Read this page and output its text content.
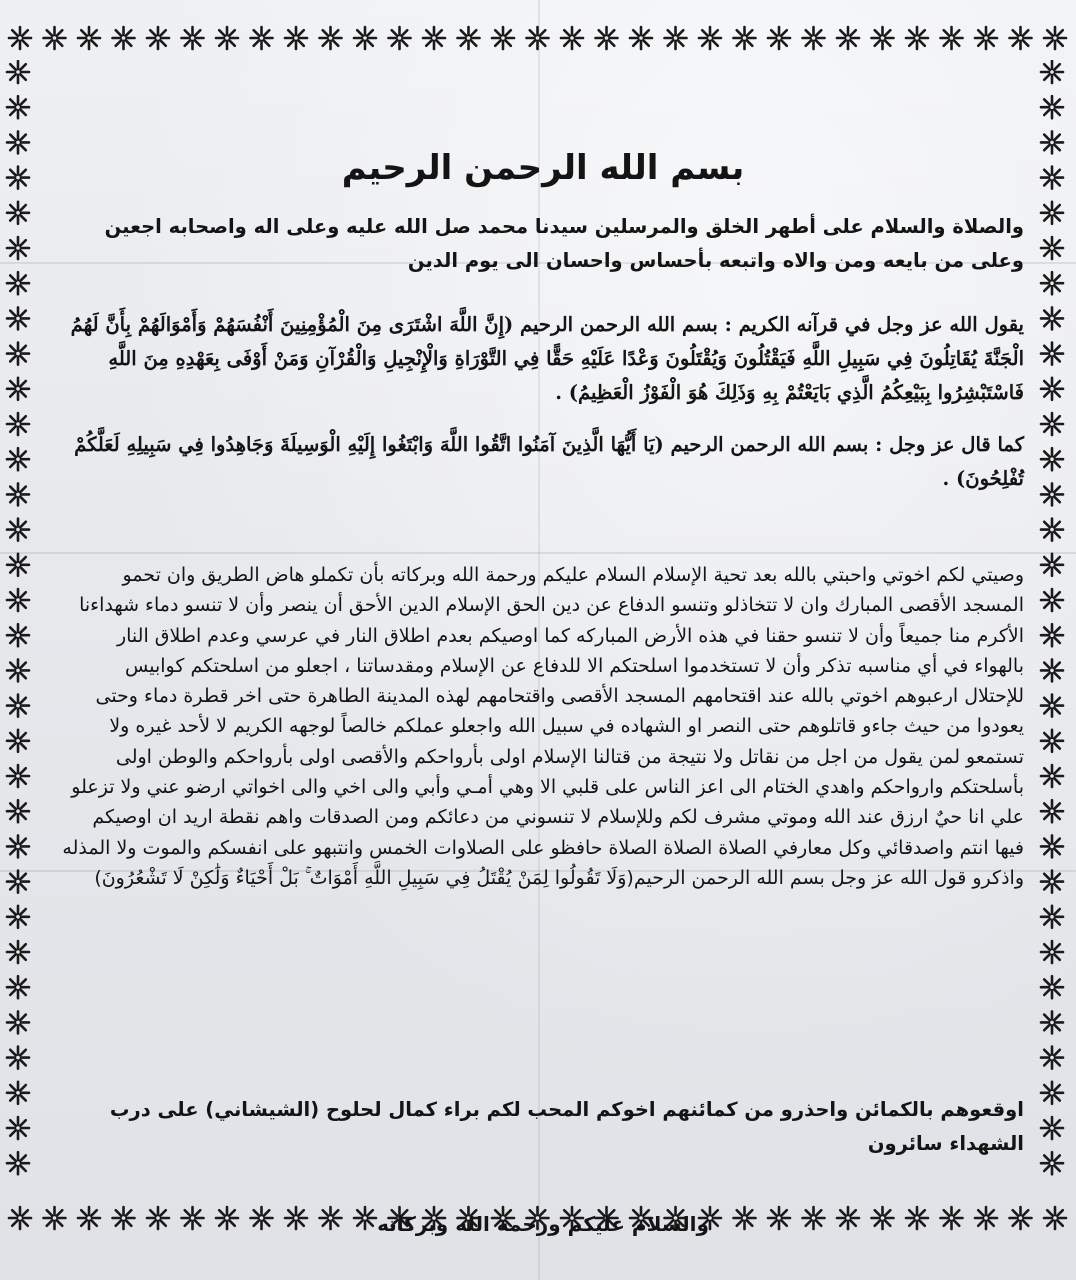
بسم الله الرحمن الرحيم

والصلاة والسلام على أطهر الخلق والمرسلين سيدنا محمد صل الله عليه وعلى اله واصحابه اجعين وعلى من بايعه ومن والاه واتبعه بأحساس واحسان الى يوم الدين

يقول الله عز وجل في قرآنه الكريم : بسم الله الرحمن الرحيم (إِنَّ اللَّهَ اشْتَرَى مِنَ الْمُؤْمِنِينَ أَنْفُسَهُمْ وَأَمْوَالَهُمْ بِأَنَّ لَهُمُ الْجَنَّةَ يُقَاتِلُونَ فِي سَبِيلِ اللَّهِ فَيَقْتُلُونَ وَيُقْتَلُونَ وَعْدًا عَلَيْهِ حَقًّا فِي التَّوْرَاةِ وَالْإِنْجِيلِ وَالْقُرْآنِ وَمَنْ أَوْفَى بِعَهْدِهِ مِنَ اللَّهِ فَاسْتَبْشِرُوا بِبَيْعِكُمُ الَّذِي بَايَعْتُمْ بِهِ وَذَلِكَ هُوَ الْفَوْزُ الْعَظِيمُ) .

كما قال عز وجل : بسم الله الرحمن الرحيم (يَا أَيُّهَا الَّذِينَ آمَنُوا اتَّقُوا اللَّهَ وَابْتَغُوا إِلَيْهِ الْوَسِيلَةَ وَجَاهِدُوا فِي سَبِيلِهِ لَعَلَّكُمْ تُفْلِحُونَ) .

وصيتي لكم اخوتي واحبتي بالله بعد تحية الإسلام السلام عليكم ورحمة الله وبركاته بأن تكملو هاض الطريق وان تحمو المسجد الأقصى المبارك وان لا تتخاذلو وتنسو الدفاع عن دين الحق الإسلام الدين الأحق أن ينصر وأن لا تنسو دماء شهداءنا الأكرم منا جميعاً وأن لا تنسو حقنا في هذه الأرض المباركه كما اوصيكم بعدم اطلاق النار في عرسي وعدم اطلاق النار بالهواء في أي مناسبه تذكر وأن لا تستخدموا اسلحتكم الا للدفاع عن الإسلام ومقدساتنا ، اجعلو من اسلحتكم كوابيس للإحتلال ارعبوهم اخوتي بالله عند اقتحامهم المسجد الأقصى واقتحامهم لهذه المدينة الطاهرة حتى اخر قطرة دماء وحتى يعودوا من حيث جاءو قاتلوهم حتى النصر او الشهاده في سبيل الله واجعلو عملكم خالصاً لوجهه الكريم لا لأحد غيره ولا تستمعو لمن يقول من اجل من نقاتل ولا نتيجة من قتالنا الإسلام اولى بأرواحكم والأقصى اولى بأرواحكم والوطن اولى بأسلحتكم وارواحكم واهدي الختام الى اعز الناس على قلبي الا وهي أمـي وأبي والى اخي والى اخواتي ارضو عني ولا تزعلو علي انا حيٌ ارزق عند الله وموتي مشرف لكم وللإسلام لا تنسوني من دعائكم ومن الصدقات واهم نقطة اريد ان اوصيكم فيها انتم واصدقائي وكل معارفي الصلاة الصلاة الصلاة حافظو على الصلاوات الخمس وانتبهو على انفسكم والموت ولا المذله واذكرو قول الله عز وجل بسم الله الرحمن الرحيم(وَلَا تَقُولُوا لِمَنْ يُقْتَلُ فِي سَبِيلِ اللَّهِ أَمْوَاتٌ ۚ بَلْ أَحْيَاءٌ وَلَٰكِنْ لَا تَشْعُرُونَ)

اوقعوهم بالكمائن واحذرو من كمائنهم اخوكم المحب لكم براء كمال لحلوح (الشيشاني) على درب الشهداء سائرون

والسلام عليكم ورحمة الله وبركاته
